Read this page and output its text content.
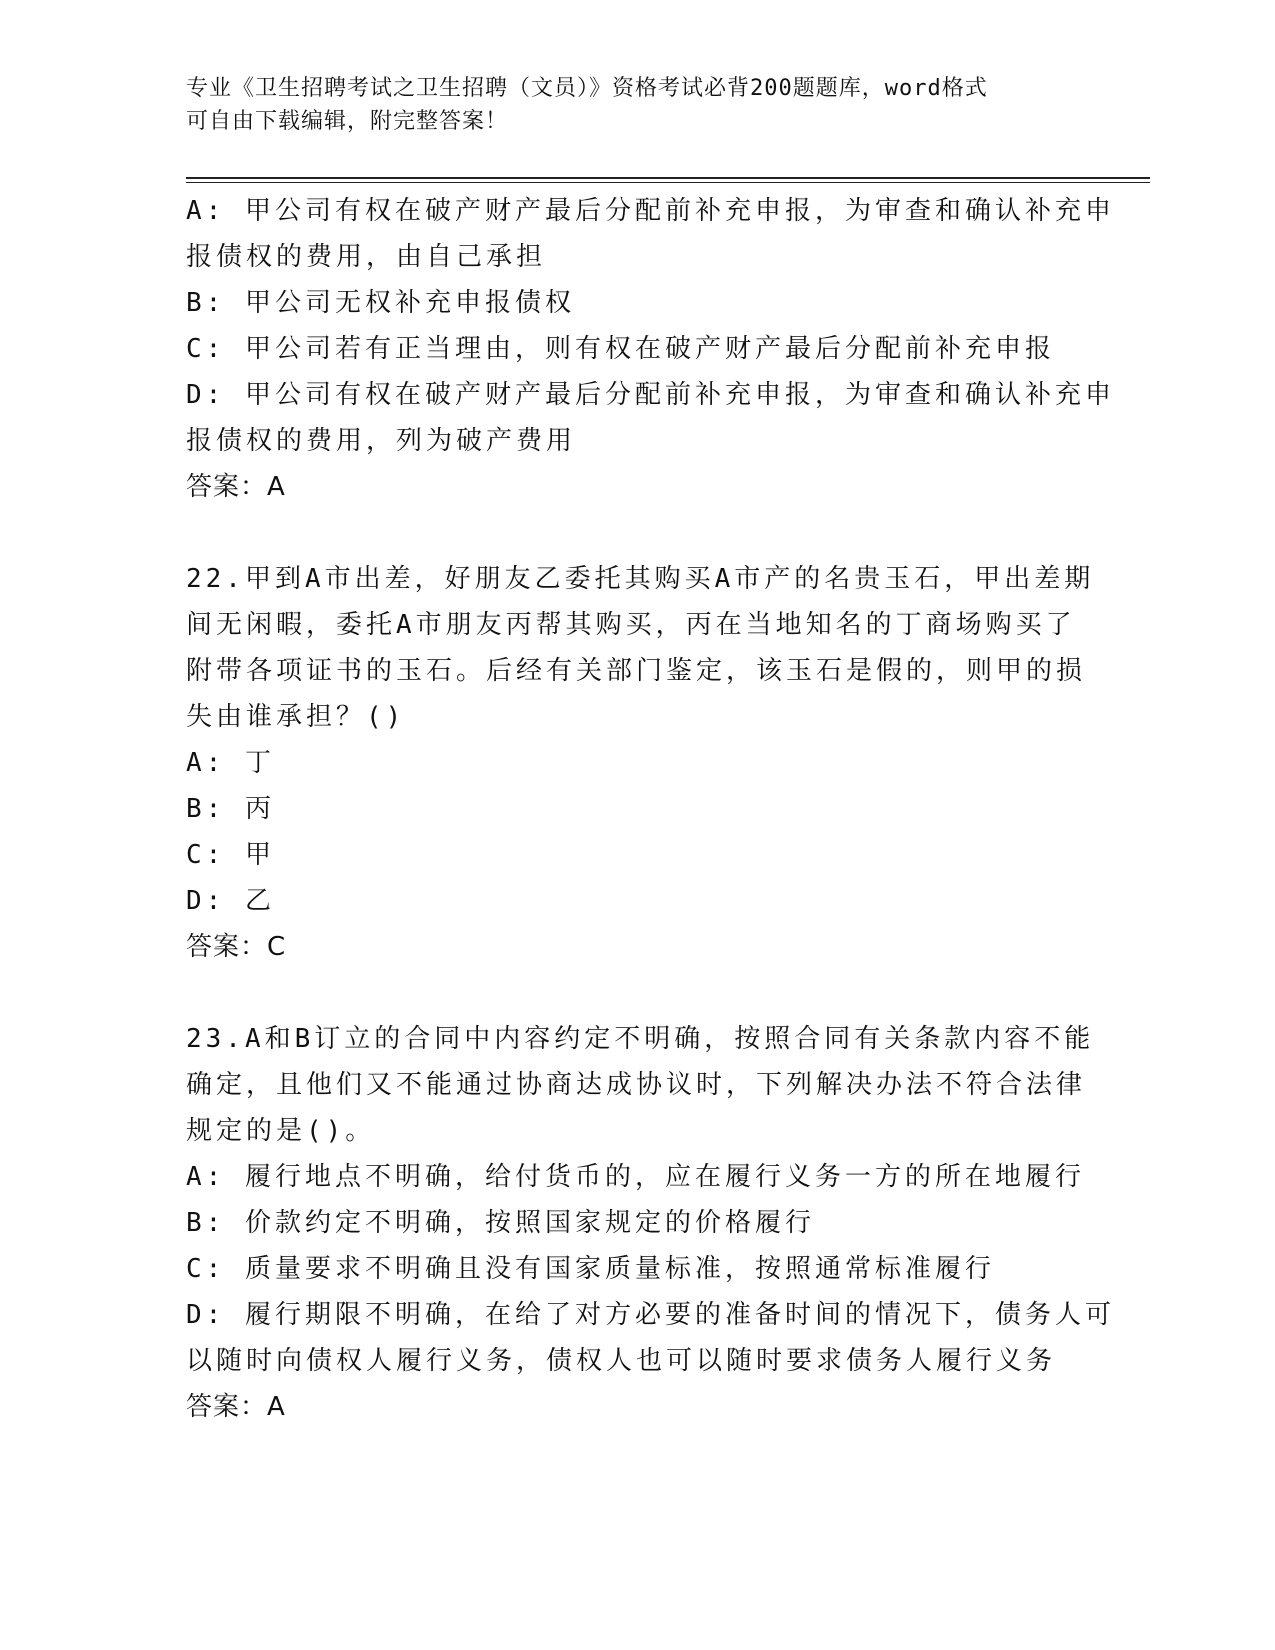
专业《卫生招聘考试之卫生招聘（文员）》资格考试必背200题题库，word格式
可自由下载编辑，附完整答案！
A: 甲公司有权在破产财产最后分配前补充申报，为审查和确认补充申
报债权的费用，由自己承担
B: 甲公司无权补充申报债权
C: 甲公司若有正当理由，则有权在破产财产最后分配前补充申报
D: 甲公司有权在破产财产最后分配前补充申报，为审查和确认补充申
报债权的费用，列为破产费用
答案：A
22.甲到A市出差，好朋友乙委托其购买A市产的名贵玉石，甲出差期
间无闲暇，委托A市朋友丙帮其购买，丙在当地知名的丁商场购买了
附带各项证书的玉石。后经有关部门鉴定，该玉石是假的，则甲的损
失由谁承担？()
A: 丁
B: 丙
C: 甲
D: 乙
答案：C
23.A和B订立的合同中内容约定不明确，按照合同有关条款内容不能
确定，且他们又不能通过协商达成协议时，下列解决办法不符合法律
规定的是()。
A: 履行地点不明确，给付货币的，应在履行义务一方的所在地履行
B: 价款约定不明确，按照国家规定的价格履行
C: 质量要求不明确且没有国家质量标准，按照通常标准履行
D: 履行期限不明确，在给了对方必要的准备时间的情况下，债务人可
以随时向债权人履行义务，债权人也可以随时要求债务人履行义务
答案：A
